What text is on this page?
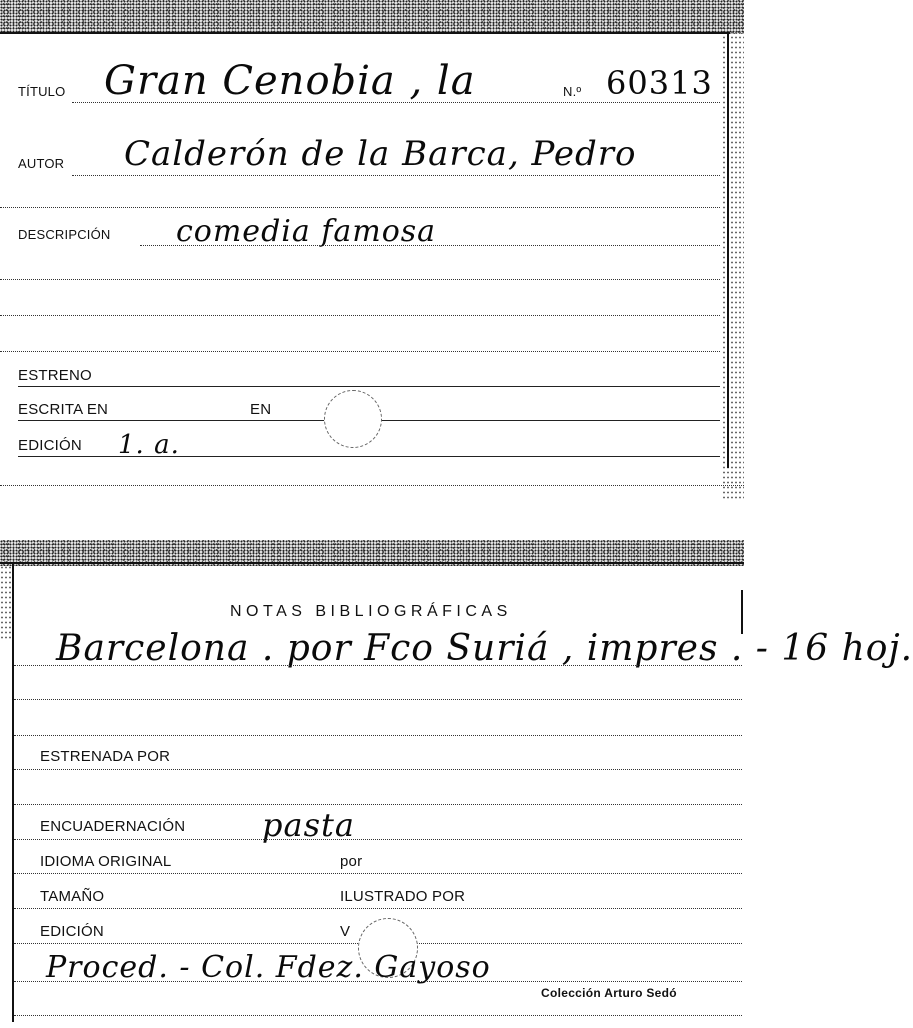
TÍTULO Gran Cenobia , la	N.º 60313
AUTOR Calderón de la Barca, Pedro
DESCRIPCIÓN comedia famosa
ESTRENO
ESCRITA EN	EN
EDICIÓN 1. a.
NOTAS BIBLIOGRÁFICAS
Barcelona . por Fco Suriá , impres . - 16 hoj.
ESTRENADA POR
ENCUADERNACIÓN pasta
IDIOMA ORIGINAL	por
TAMAÑO	ILUSTRADO POR
EDICIÓN	V
Proced. - Col. Fdez. Gayoso
Colección Arturo Sedó
